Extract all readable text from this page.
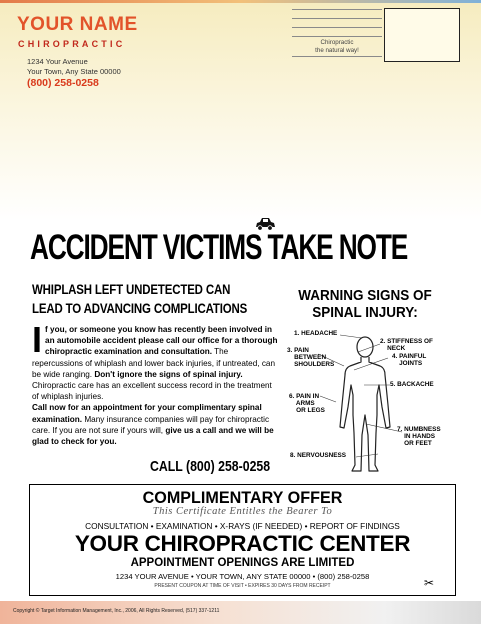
YOUR NAME
CHIROPRACTIC
1234 Your Avenue
Your Town, Any State 00000
(800) 258-0258
Chiropractic
the natural way!
ACCIDENT VICTIMS TAKE NOTE
WHIPLASH LEFT UNDETECTED CAN
LEAD TO ADVANCING COMPLICATIONS
If you, or someone you know has recently been involved in an automobile accident please call our office for a thorough chiropractic examination and consultation. The repercussions of whiplash and lower back injuries, if untreated, can be wide ranging. Don't ignore the signs of spinal injury. Chiropractic care has an excellent success record in the treatment of whiplash injuries.
Call now for an appointment for your complimentary spinal examination. Many insurance companies will pay for chiropractic care. If you are not sure if yours will, give us a call and we will be glad to check for you.
CALL (800) 258-0258
WARNING SIGNS OF
SPINAL INJURY:
1. HEADACHE
2. STIFFNESS OF
NECK
3. PAIN
BETWEEN
SHOULDERS
4. PAINFUL
JOINTS
5. BACKACHE
6. PAIN IN
ARMS
OR LEGS
7. NUMBNESS
IN HANDS
OR FEET
8. NERVOUSNESS
COMPLIMENTARY OFFER
This Certificate Entitles the Bearer To
CONSULTATION • EXAMINATION • X-RAYS (IF NEEDED) • REPORT OF FINDINGS
YOUR CHIROPRACTIC CENTER
APPOINTMENT OPENINGS ARE LIMITED
1234 YOUR AVENUE • YOUR TOWN, ANY STATE 00000 • (800) 258-0258
PRESENT COUPON AT TIME OF VISIT • EXPIRES 30 DAYS FROM RECEIPT	✂
Copyright © Target Information Management, Inc., 2006, All Rights Reserved, (517) 337-1211
